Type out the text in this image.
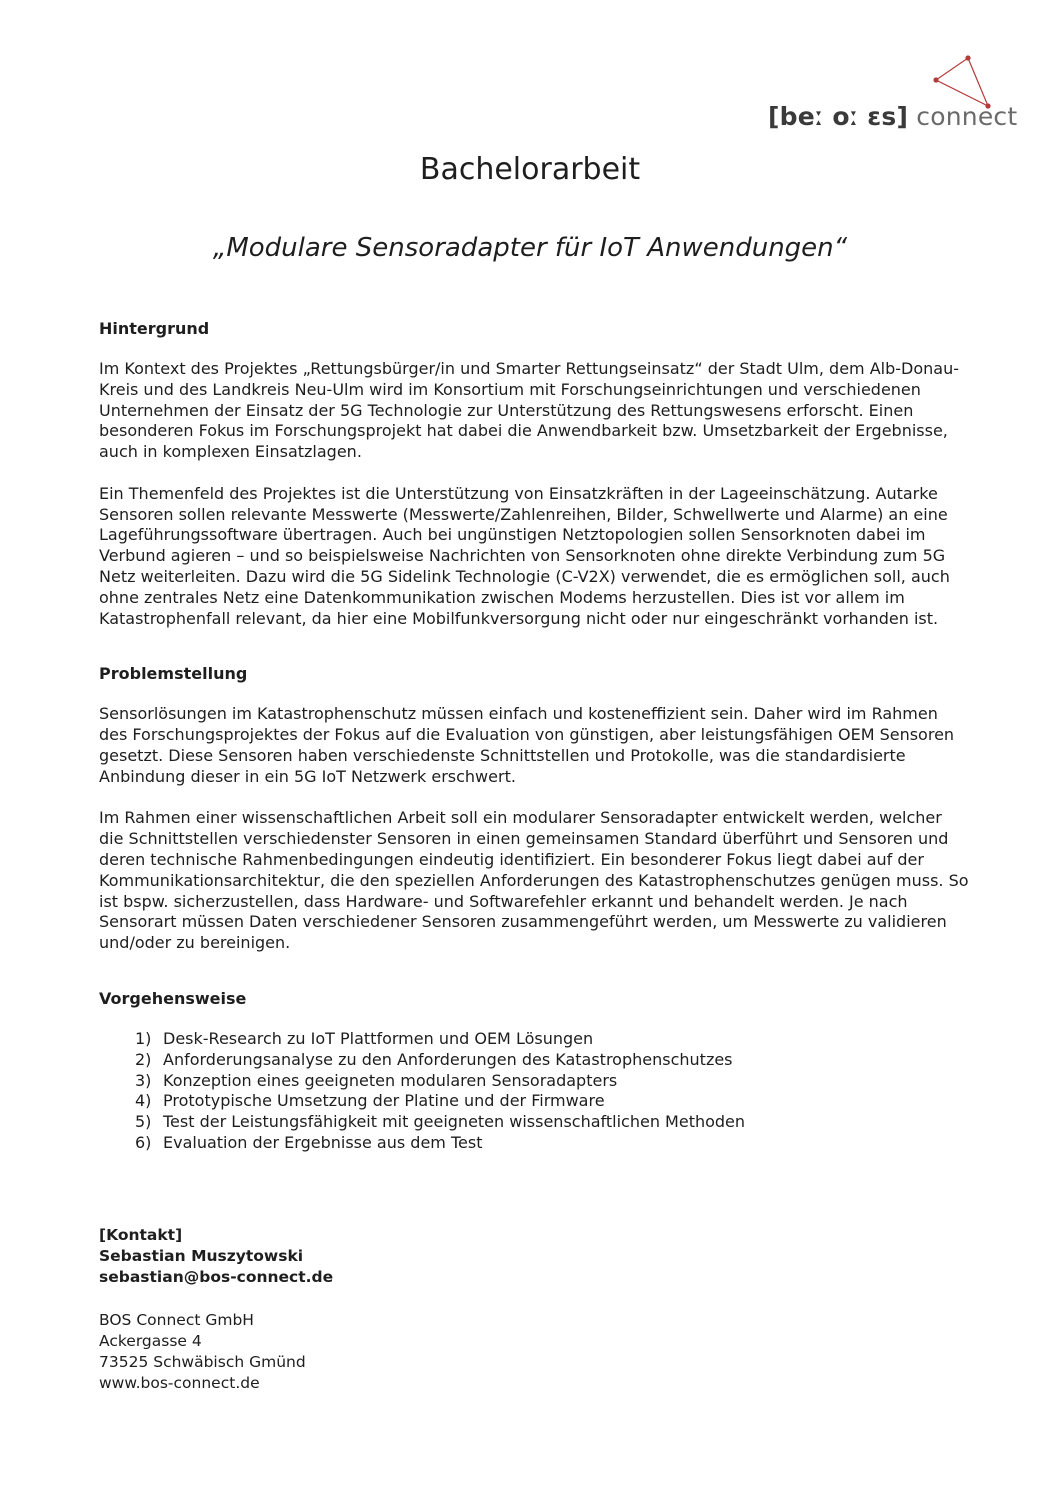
[beː oː ɛs] connect
Bachelorarbeit
„Modulare Sensoradapter für IoT Anwendungen“
Hintergrund

Im Kontext des Projektes „Rettungsbürger/in und Smarter Rettungseinsatz“ der Stadt Ulm, dem Alb-Donau-Kreis und des Landkreis Neu-Ulm wird im Konsortium mit Forschungseinrichtungen und verschiedenen Unternehmen der Einsatz der 5G Technologie zur Unterstützung des Rettungswesens erforscht. Einen besonderen Fokus im Forschungsprojekt hat dabei die Anwendbarkeit bzw. Umsetzbarkeit der Ergebnisse, auch in komplexen Einsatzlagen.

Ein Themenfeld des Projektes ist die Unterstützung von Einsatzkräften in der Lageeinschätzung. Autarke Sensoren sollen relevante Messwerte (Messwerte/Zahlenreihen, Bilder, Schwellwerte und Alarme) an eine Lageführungssoftware übertragen. Auch bei ungünstigen Netztopologien sollen Sensorknoten dabei im Verbund agieren – und so beispielsweise Nachrichten von Sensorknoten ohne direkte Verbindung zum 5G Netz weiterleiten. Dazu wird die 5G Sidelink Technologie (C-V2X) verwendet, die es ermöglichen soll, auch ohne zentrales Netz eine Datenkommunikation zwischen Modems herzustellen. Dies ist vor allem im Katastrophenfall relevant, da hier eine Mobilfunkversorgung nicht oder nur eingeschränkt vorhanden ist.

Problemstellung

Sensorlösungen im Katastrophenschutz müssen einfach und kosteneffizient sein. Daher wird im Rahmen des Forschungsprojektes der Fokus auf die Evaluation von günstigen, aber leistungsfähigen OEM Sensoren gesetzt. Diese Sensoren haben verschiedenste Schnittstellen und Protokolle, was die standardisierte Anbindung dieser in ein 5G IoT Netzwerk erschwert.

Im Rahmen einer wissenschaftlichen Arbeit soll ein modularer Sensoradapter entwickelt werden, welcher die Schnittstellen verschiedenster Sensoren in einen gemeinsamen Standard überführt und Sensoren und deren technische Rahmenbedingungen eindeutig identifiziert. Ein besonderer Fokus liegt dabei auf der Kommunikationsarchitektur, die den speziellen Anforderungen des Katastrophenschutzes genügen muss. So ist bspw. sicherzustellen, dass Hardware- und Softwarefehler erkannt und behandelt werden. Je nach Sensorart müssen Daten verschiedener Sensoren zusammengeführt werden, um Messwerte zu validieren und/oder zu bereinigen.

Vorgehensweise
1) Desk-Research zu IoT Plattformen und OEM Lösungen
2) Anforderungsanalyse zu den Anforderungen des Katastrophenschutzes
3) Konzeption eines geeigneten modularen Sensoradapters
4) Prototypische Umsetzung der Platine und der Firmware
5) Test der Leistungsfähigkeit mit geeigneten wissenschaftlichen Methoden
6) Evaluation der Ergebnisse aus dem Test
[Kontakt]
Sebastian Muszytowski
sebastian@bos-connect.de
BOS Connect GmbH
Ackergasse 4
73525 Schwäbisch Gmünd
www.bos-connect.de
